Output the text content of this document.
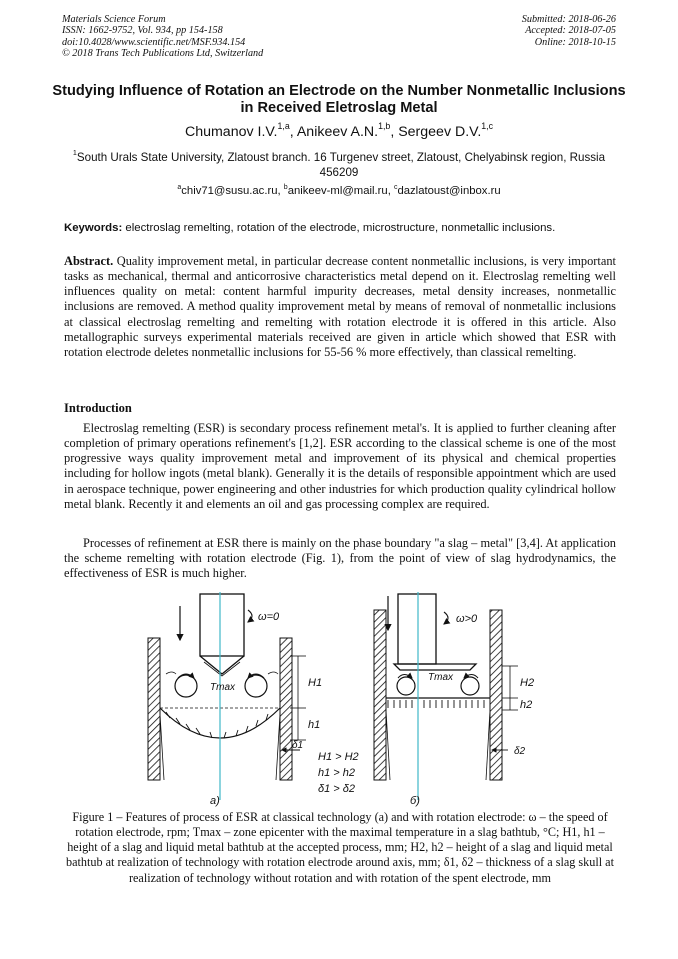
Materials Science Forum
ISSN: 1662-9752, Vol. 934, pp 154-158
doi:10.4028/www.scientific.net/MSF.934.154
© 2018 Trans Tech Publications Ltd, Switzerland
Submitted: 2018-06-26
Accepted: 2018-07-05
Online: 2018-10-15
Studying Influence of Rotation an Electrode on the Number Nonmetallic Inclusions in Received Eletroslag Metal
Chumanov I.V.$^{1,a}$, Anikeev A.N.$^{1,b}$, Sergeev D.V.$^{1,c}$
$^1$South Urals State University, Zlatoust branch. 16 Turgenev street, Zlatoust, Chelyabinsk region, Russia 456209
$^a$chiv71@susu.ac.ru, $^b$anikeev-ml@mail.ru, $^c$dazlatoust@inbox.ru
Keywords: electroslag remelting, rotation of the electrode, microstructure, nonmetallic inclusions.
Abstract. Quality improvement metal, in particular decrease content nonmetallic inclusions, is very important tasks as mechanical, thermal and anticorrosive characteristics metal depend on it. Electroslag remelting well influences quality on metal: content harmful impurity decreases, metal density increases, nonmetallic inclusions are removed. A method quality improvement metal by means of removal of nonmetallic inclusions at classical electroslag remelting and remelting with rotation electrode it is offered in this article. Also metallographic surveys experimental materials received are given in article which showed that ESR with rotation electrode deletes nonmetallic inclusions for 55-56 % more effectively, than classical remelting.
Introduction
Electroslag remelting (ESR) is secondary process refinement metal's. It is applied to further cleaning after completion of primary operations refinement's [1,2]. ESR according to the classical scheme is one of the most progressive ways quality improvement metal and improvement of its physical and chemical properties including for hollow ingots (metal blank). Generally it is the details of responsible appointment which are used in aerospace technique, power engineering and other industries for which production quality cylindrical hollow metal blank. Recently it and elements an oil and gas processing complex are required.
Processes of refinement at ESR there is mainly on the phase boundary "a slag – metal" [3,4]. At application the scheme remelting with rotation electrode (Fig. 1), from the point of view of slag hydrodynamics, the effectiveness of ESR is much higher.
ω=0
Tmax	H1
h1
δ1
a)
ω>0
Tmax	H2
h2
δ2
б)
H1 > H2
h1 > h2
δ1 > δ2
Figure 1 – Features of process of ESR at classical technology (a) and with rotation electrode: ω – the speed of rotation electrode, rpm; Tmax – zone epicenter with the maximal temperature in a slag bathtub, °C; H1, h1 – height of a slag and liquid metal bathtub at the accepted process, mm; H2, h2 – height of a slag and liquid metal bathtub at realization of technology with rotation electrode around axis, mm; δ1, δ2 – thickness of a slag skull at realization of technology without rotation and with rotation of the spent electrode, mm
